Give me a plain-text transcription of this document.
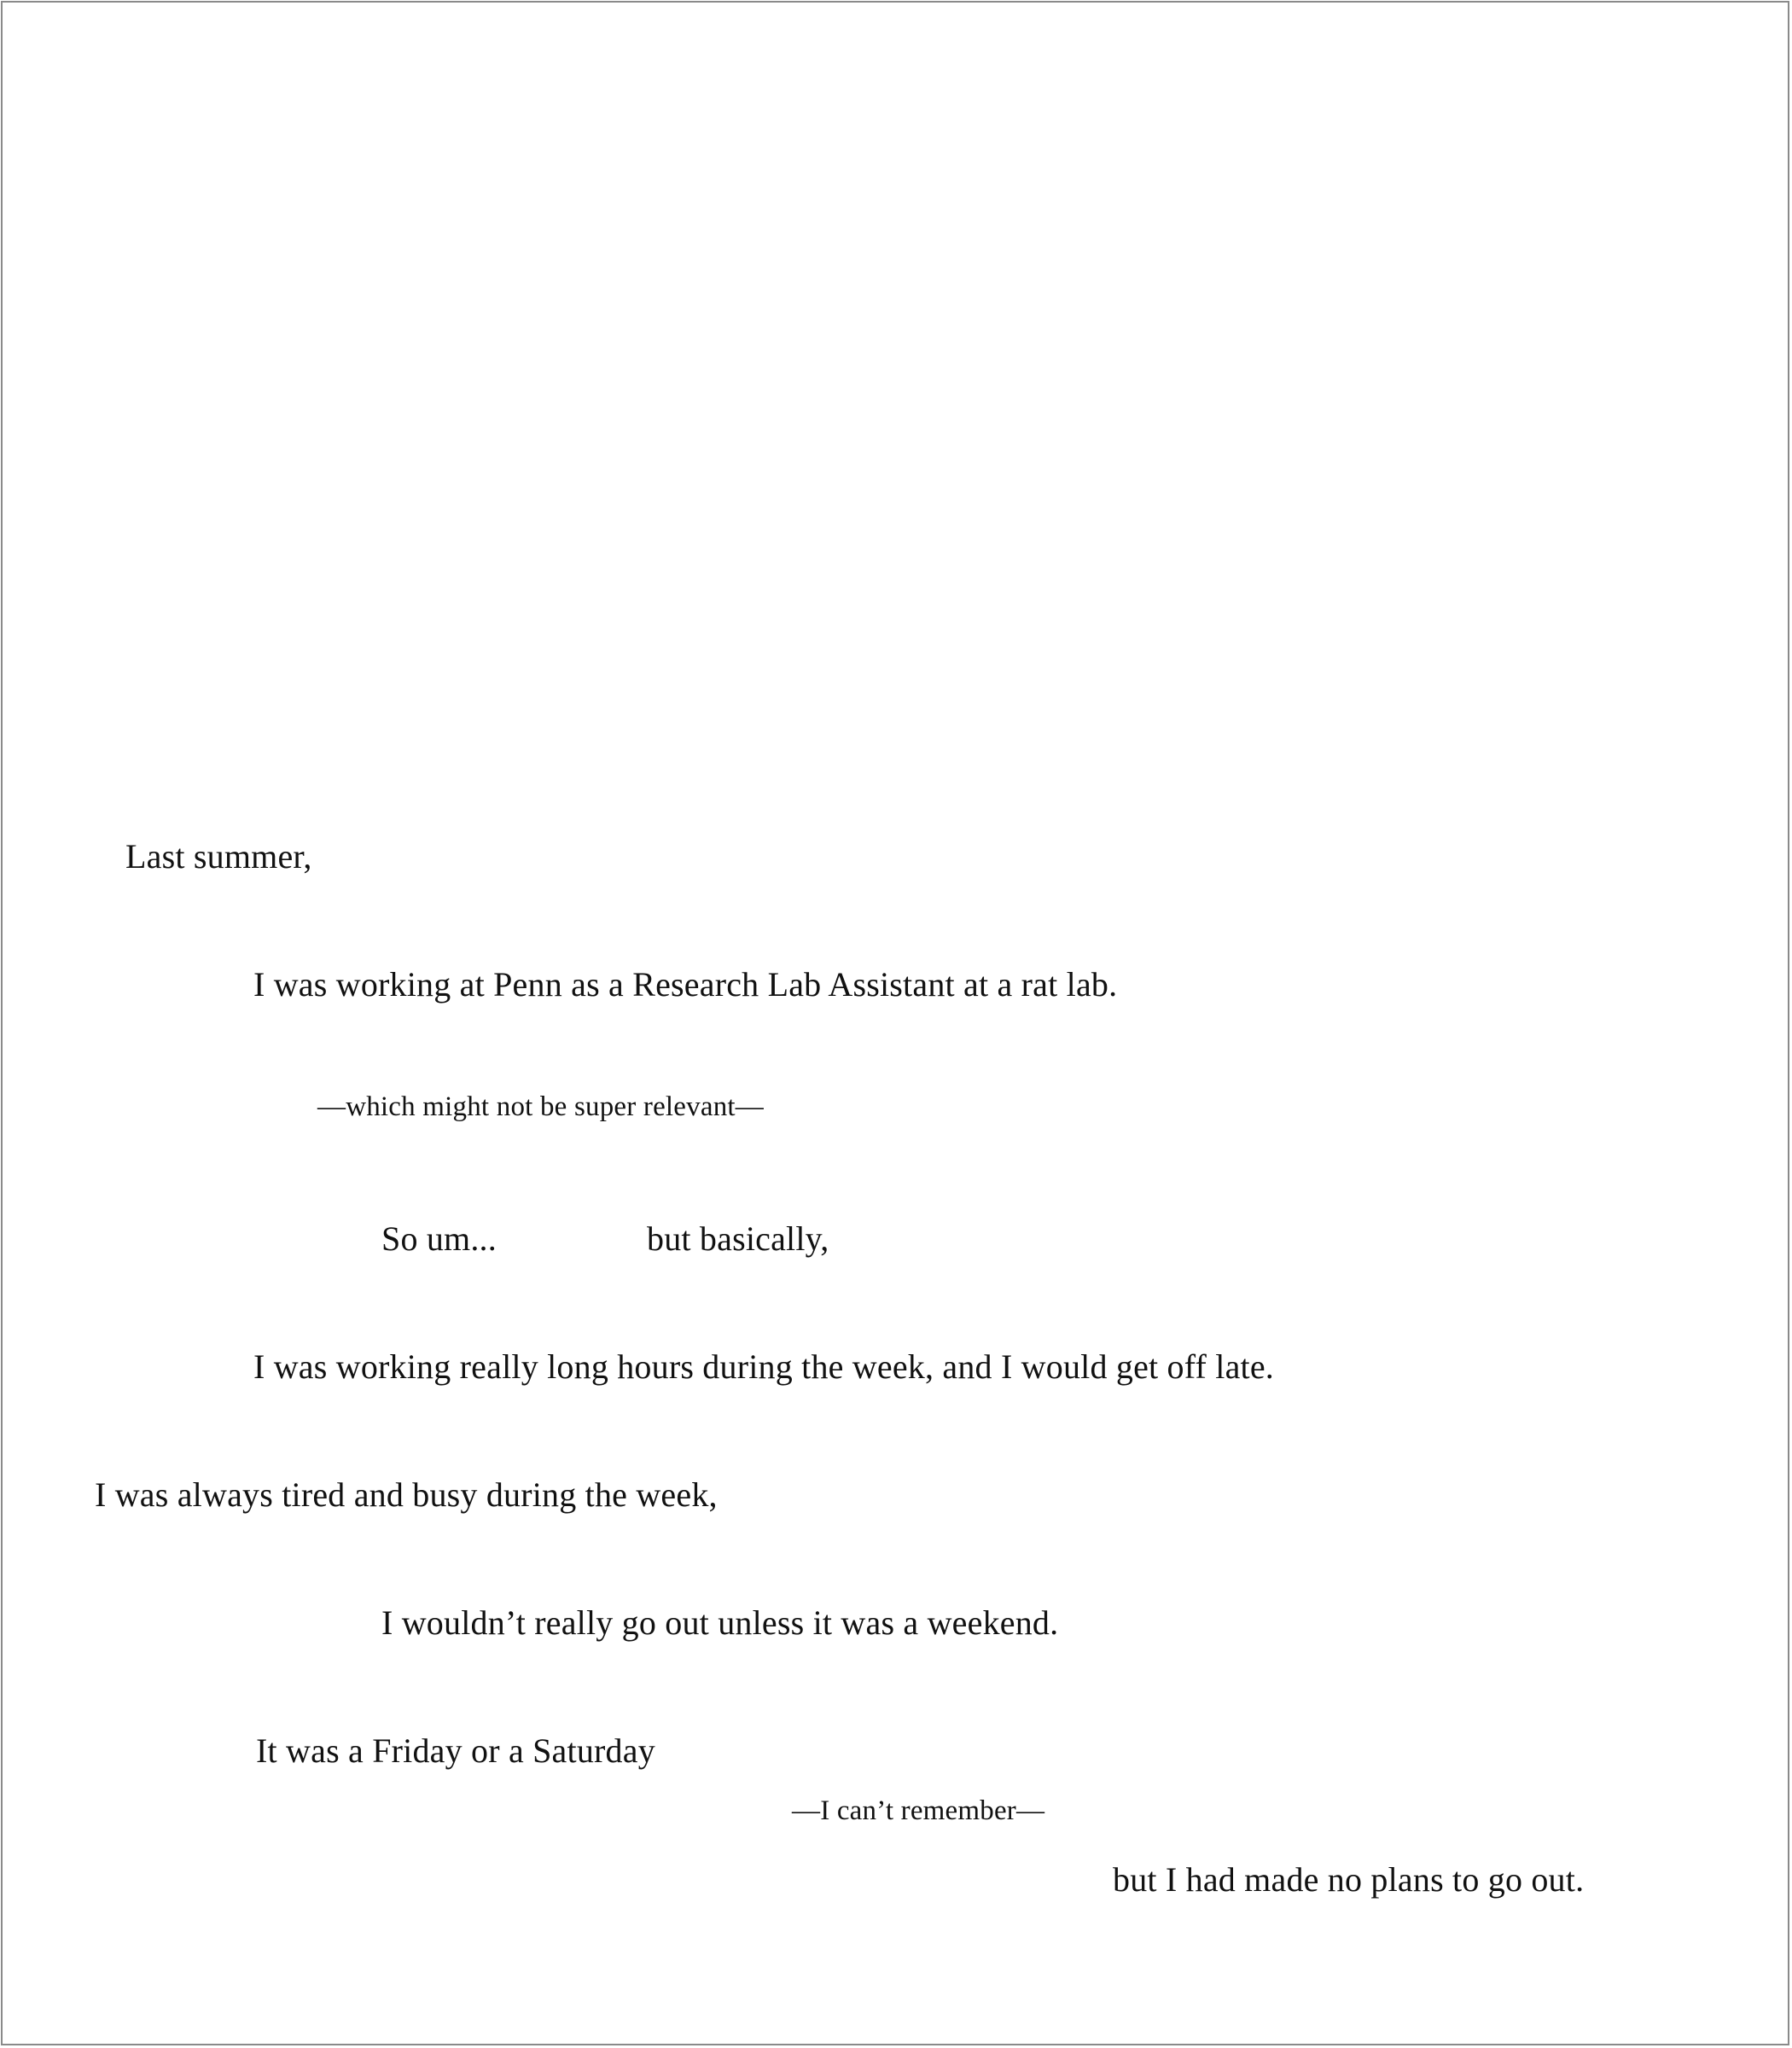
Last summer,
I was working at Penn as a Research Lab Assistant at a rat lab.
—which might not be super relevant—
So um...	but basically,
I was working really long hours during the week, and I would get off late.
I was always tired and busy during the week,
I wouldn’t really go out unless it was a weekend.
It was a Friday or a Saturday
—I can’t remember—
but I had made no plans to go out.
